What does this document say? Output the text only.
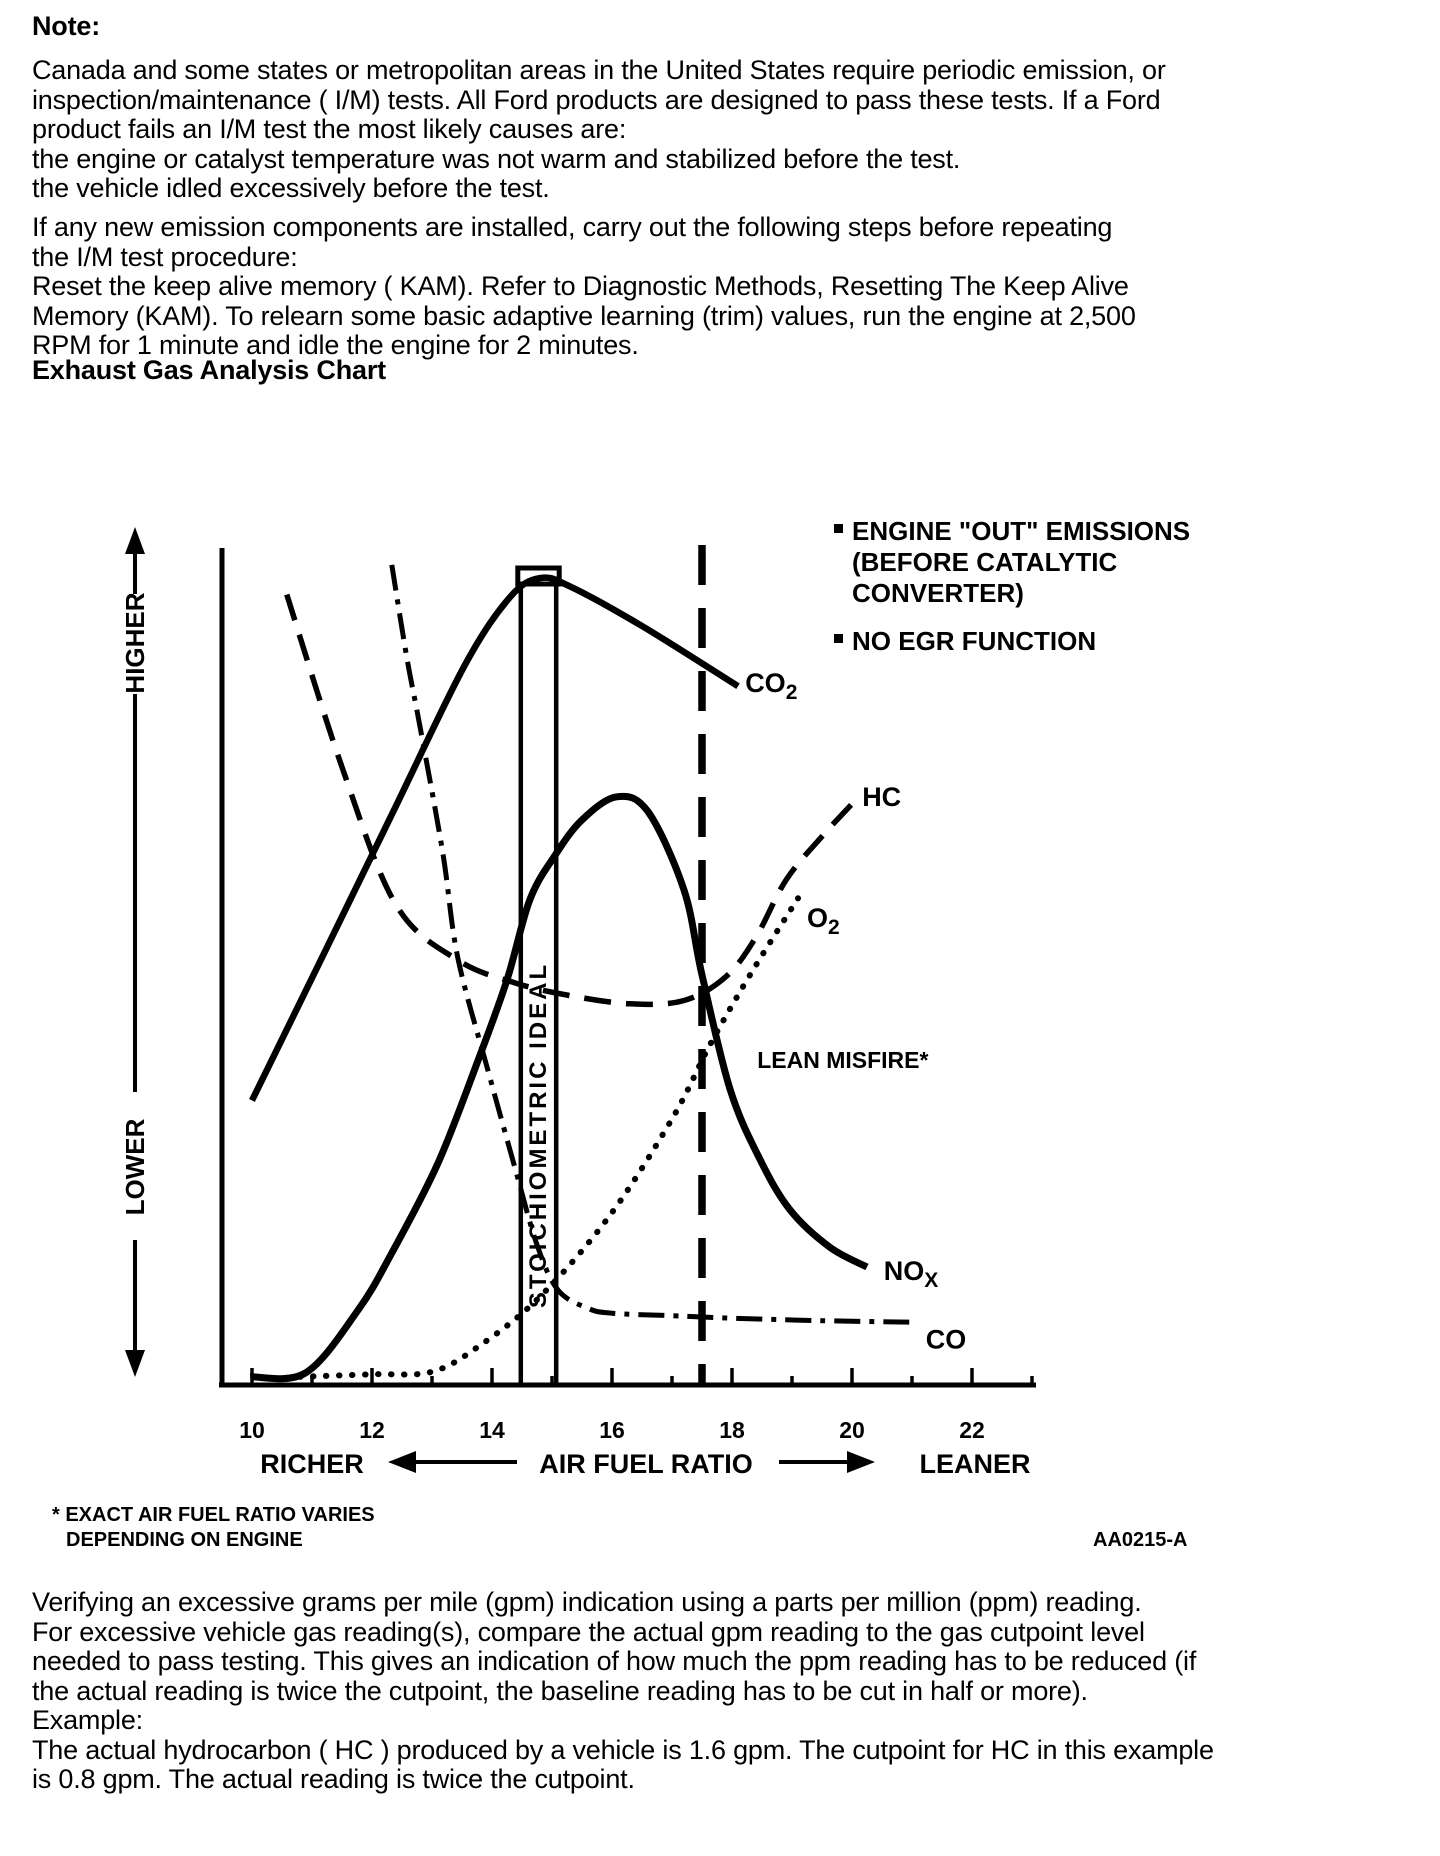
Note:
Canada and some states or metropolitan areas in the United States require periodic emission, or
inspection/maintenance ( I/M) tests. All Ford products are designed to pass these tests. If a Ford
product fails an I/M test the most likely causes are:
the engine or catalyst temperature was not warm and stabilized before the test.
the vehicle idled excessively before the test.
If any new emission components are installed, carry out the following steps before repeating
the I/M test procedure:
Reset the keep alive memory ( KAM). Refer to Diagnostic Methods, Resetting The Keep Alive
Memory (KAM). To relearn some basic adaptive learning (trim) values, run the engine at 2,500
RPM for 1 minute and idle the engine for 2 minutes.
Exhaust Gas Analysis Chart
10	12	14	16	18	20	22
STOICHIOMETRIC IDEAL	LEAN MISFIRE*
$CO_2$
HC
CO
$NO_X$
$O_2$
HIGHER
LOWER
RICHER	AIR FUEL RATIO	LEANER
ENGINE "OUT" EMISSIONS
(BEFORE CATALYTIC
CONVERTER)
NO EGR FUNCTION
* EXACT AIR FUEL RATIO VARIES
DEPENDING ON ENGINE	AA0215-A
Verifying an excessive grams per mile (gpm) indication using a parts per million (ppm) reading.
For excessive vehicle gas reading(s), compare the actual gpm reading to the gas cutpoint level
needed to pass testing. This gives an indication of how much the ppm reading has to be reduced (if
the actual reading is twice the cutpoint, the baseline reading has to be cut in half or more).
Example:
The actual hydrocarbon ( HC ) produced by a vehicle is 1.6 gpm. The cutpoint for HC in this example
is 0.8 gpm. The actual reading is twice the cutpoint.
